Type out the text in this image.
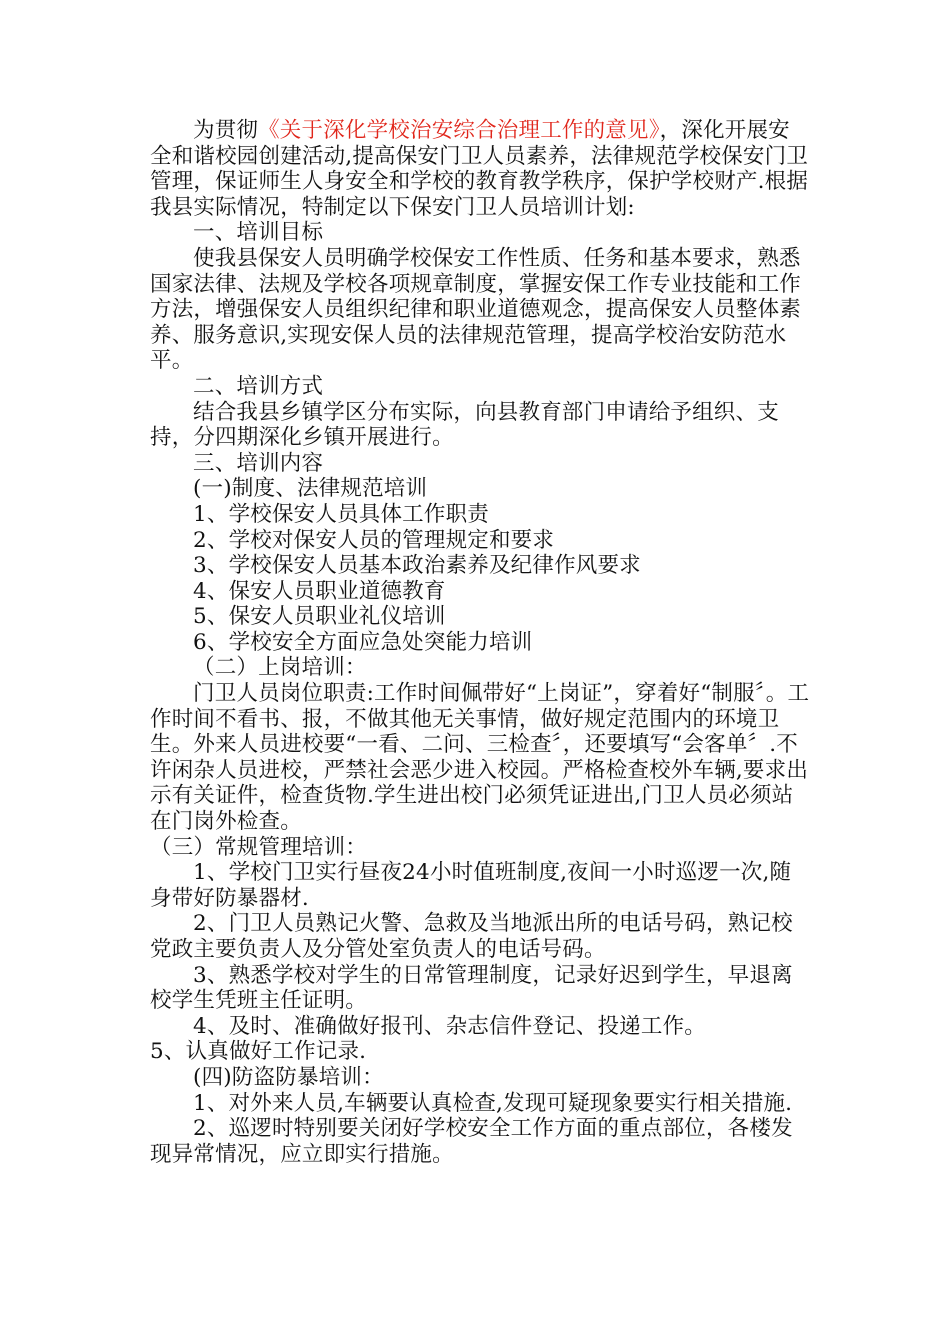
为贯彻《关于深化学校治安综合治理工作的意见》，深化开展安全和谐校园创建活动,提高保安门卫人员素养，法律规范学校保安门卫管理，保证师生人身安全和学校的教育教学秩序，保护学校财产.根据我县实际情况，特制定以下保安门卫人员培训计划:

一、培训目标

使我县保安人员明确学校保安工作性质、任务和基本要求，熟悉国家法律、法规及学校各项规章制度，掌握安保工作专业技能和工作方法，增强保安人员组织纪律和职业道德观念，提高保安人员整体素养、服务意识,实现安保人员的法律规范管理，提高学校治安防范水平。

二、培训方式

结合我县乡镇学区分布实际，向县教育部门申请给予组织、支持，分四期深化乡镇开展进行。

三、培训内容

(一)制度、法律规范培训

1、学校保安人员具体工作职责

2、学校对保安人员的管理规定和要求

3、学校保安人员基本政治素养及纪律作风要求

4、保安人员职业道德教育

5、保安人员职业礼仪培训

6、学校安全方面应急处突能力培训

（二）上岗培训：

门卫人员岗位职责:工作时间佩带好“上岗证”，穿着好“制服〞。工作时间不看书、报，不做其他无关事情，做好规定范围内的环境卫生。外来人员进校要“一看、二问、三检查〞，还要填写“会客单〞.不许闲杂人员进校，严禁社会恶少进入校园。严格检查校外车辆,要求出示有关证件，检查货物.学生进出校门必须凭证进出,门卫人员必须站在门岗外检查。

（三）常规管理培训：

1、学校门卫实行昼夜24小时值班制度,夜间一小时巡逻一次,随身带好防暴器材.

2、门卫人员熟记火警、急救及当地派出所的电话号码，熟记校党政主要负责人及分管处室负责人的电话号码。

3、熟悉学校对学生的日常管理制度，记录好迟到学生，早退离校学生凭班主任证明。

4、及时、准确做好报刊、杂志信件登记、投递工作。

5、认真做好工作记录.

(四)防盗防暴培训：

1、对外来人员,车辆要认真检查,发现可疑现象要实行相关措施.

2、巡逻时特别要关闭好学校安全工作方面的重点部位，各楼发现异常情况，应立即实行措施。
